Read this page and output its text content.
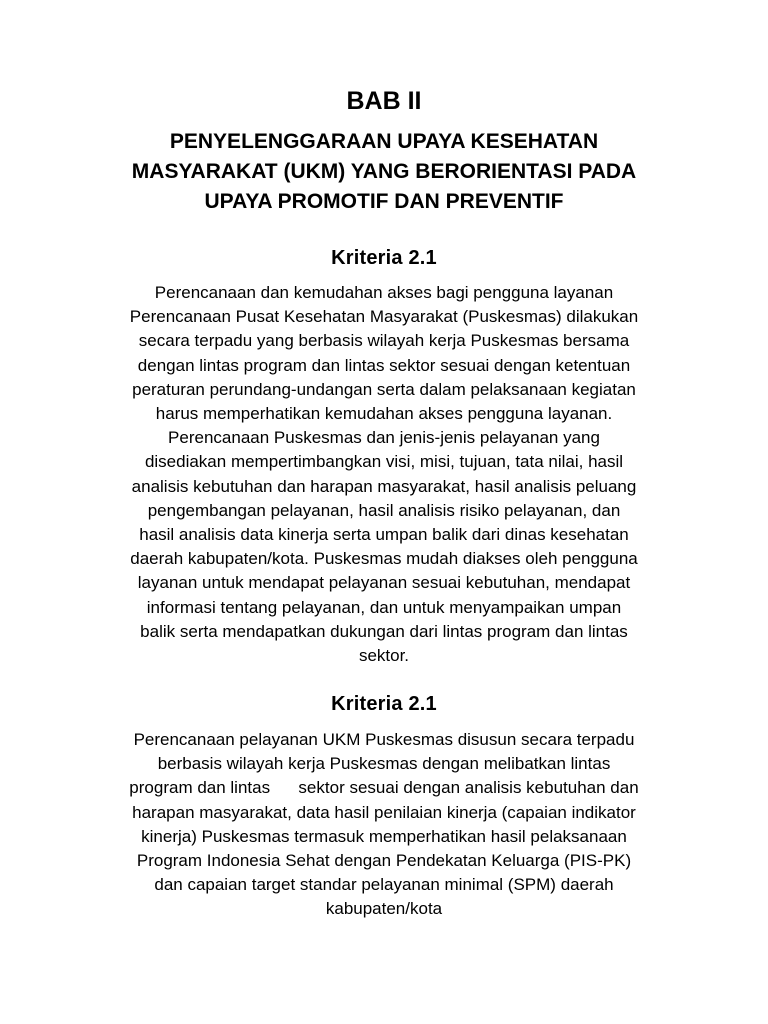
BAB II
PENYELENGGARAAN UPAYA KESEHATAN
MASYARAKAT (UKM) YANG BERORIENTASI PADA
UPAYA PROMOTIF DAN PREVENTIF
Kriteria 2.1
Perencanaan dan kemudahan akses bagi pengguna layanan
Perencanaan Pusat Kesehatan Masyarakat (Puskesmas) dilakukan
secara terpadu yang berbasis wilayah kerja Puskesmas bersama
dengan lintas program dan lintas sektor sesuai dengan ketentuan
peraturan perundang-undangan serta dalam pelaksanaan kegiatan
harus memperhatikan kemudahan akses pengguna layanan.
Perencanaan Puskesmas dan jenis-jenis pelayanan yang
disediakan mempertimbangkan visi, misi, tujuan, tata nilai, hasil
analisis kebutuhan dan harapan masyarakat, hasil analisis peluang
pengembangan pelayanan, hasil analisis risiko pelayanan, dan
hasil analisis data kinerja serta umpan balik dari dinas kesehatan
daerah kabupaten/kota. Puskesmas mudah diakses oleh pengguna
layanan untuk mendapat pelayanan sesuai kebutuhan, mendapat
informasi tentang pelayanan, dan untuk menyampaikan umpan
balik serta mendapatkan dukungan dari lintas program dan lintas
sektor.
Kriteria 2.1
Perencanaan pelayanan UKM Puskesmas disusun secara terpadu
berbasis wilayah kerja Puskesmas dengan melibatkan lintas
program dan lintas      sektor sesuai dengan analisis kebutuhan dan
harapan masyarakat, data hasil penilaian kinerja (capaian indikator
kinerja) Puskesmas termasuk memperhatikan hasil pelaksanaan
Program Indonesia Sehat dengan Pendekatan Keluarga (PIS-PK)
dan capaian target standar pelayanan minimal (SPM) daerah
kabupaten/kota
